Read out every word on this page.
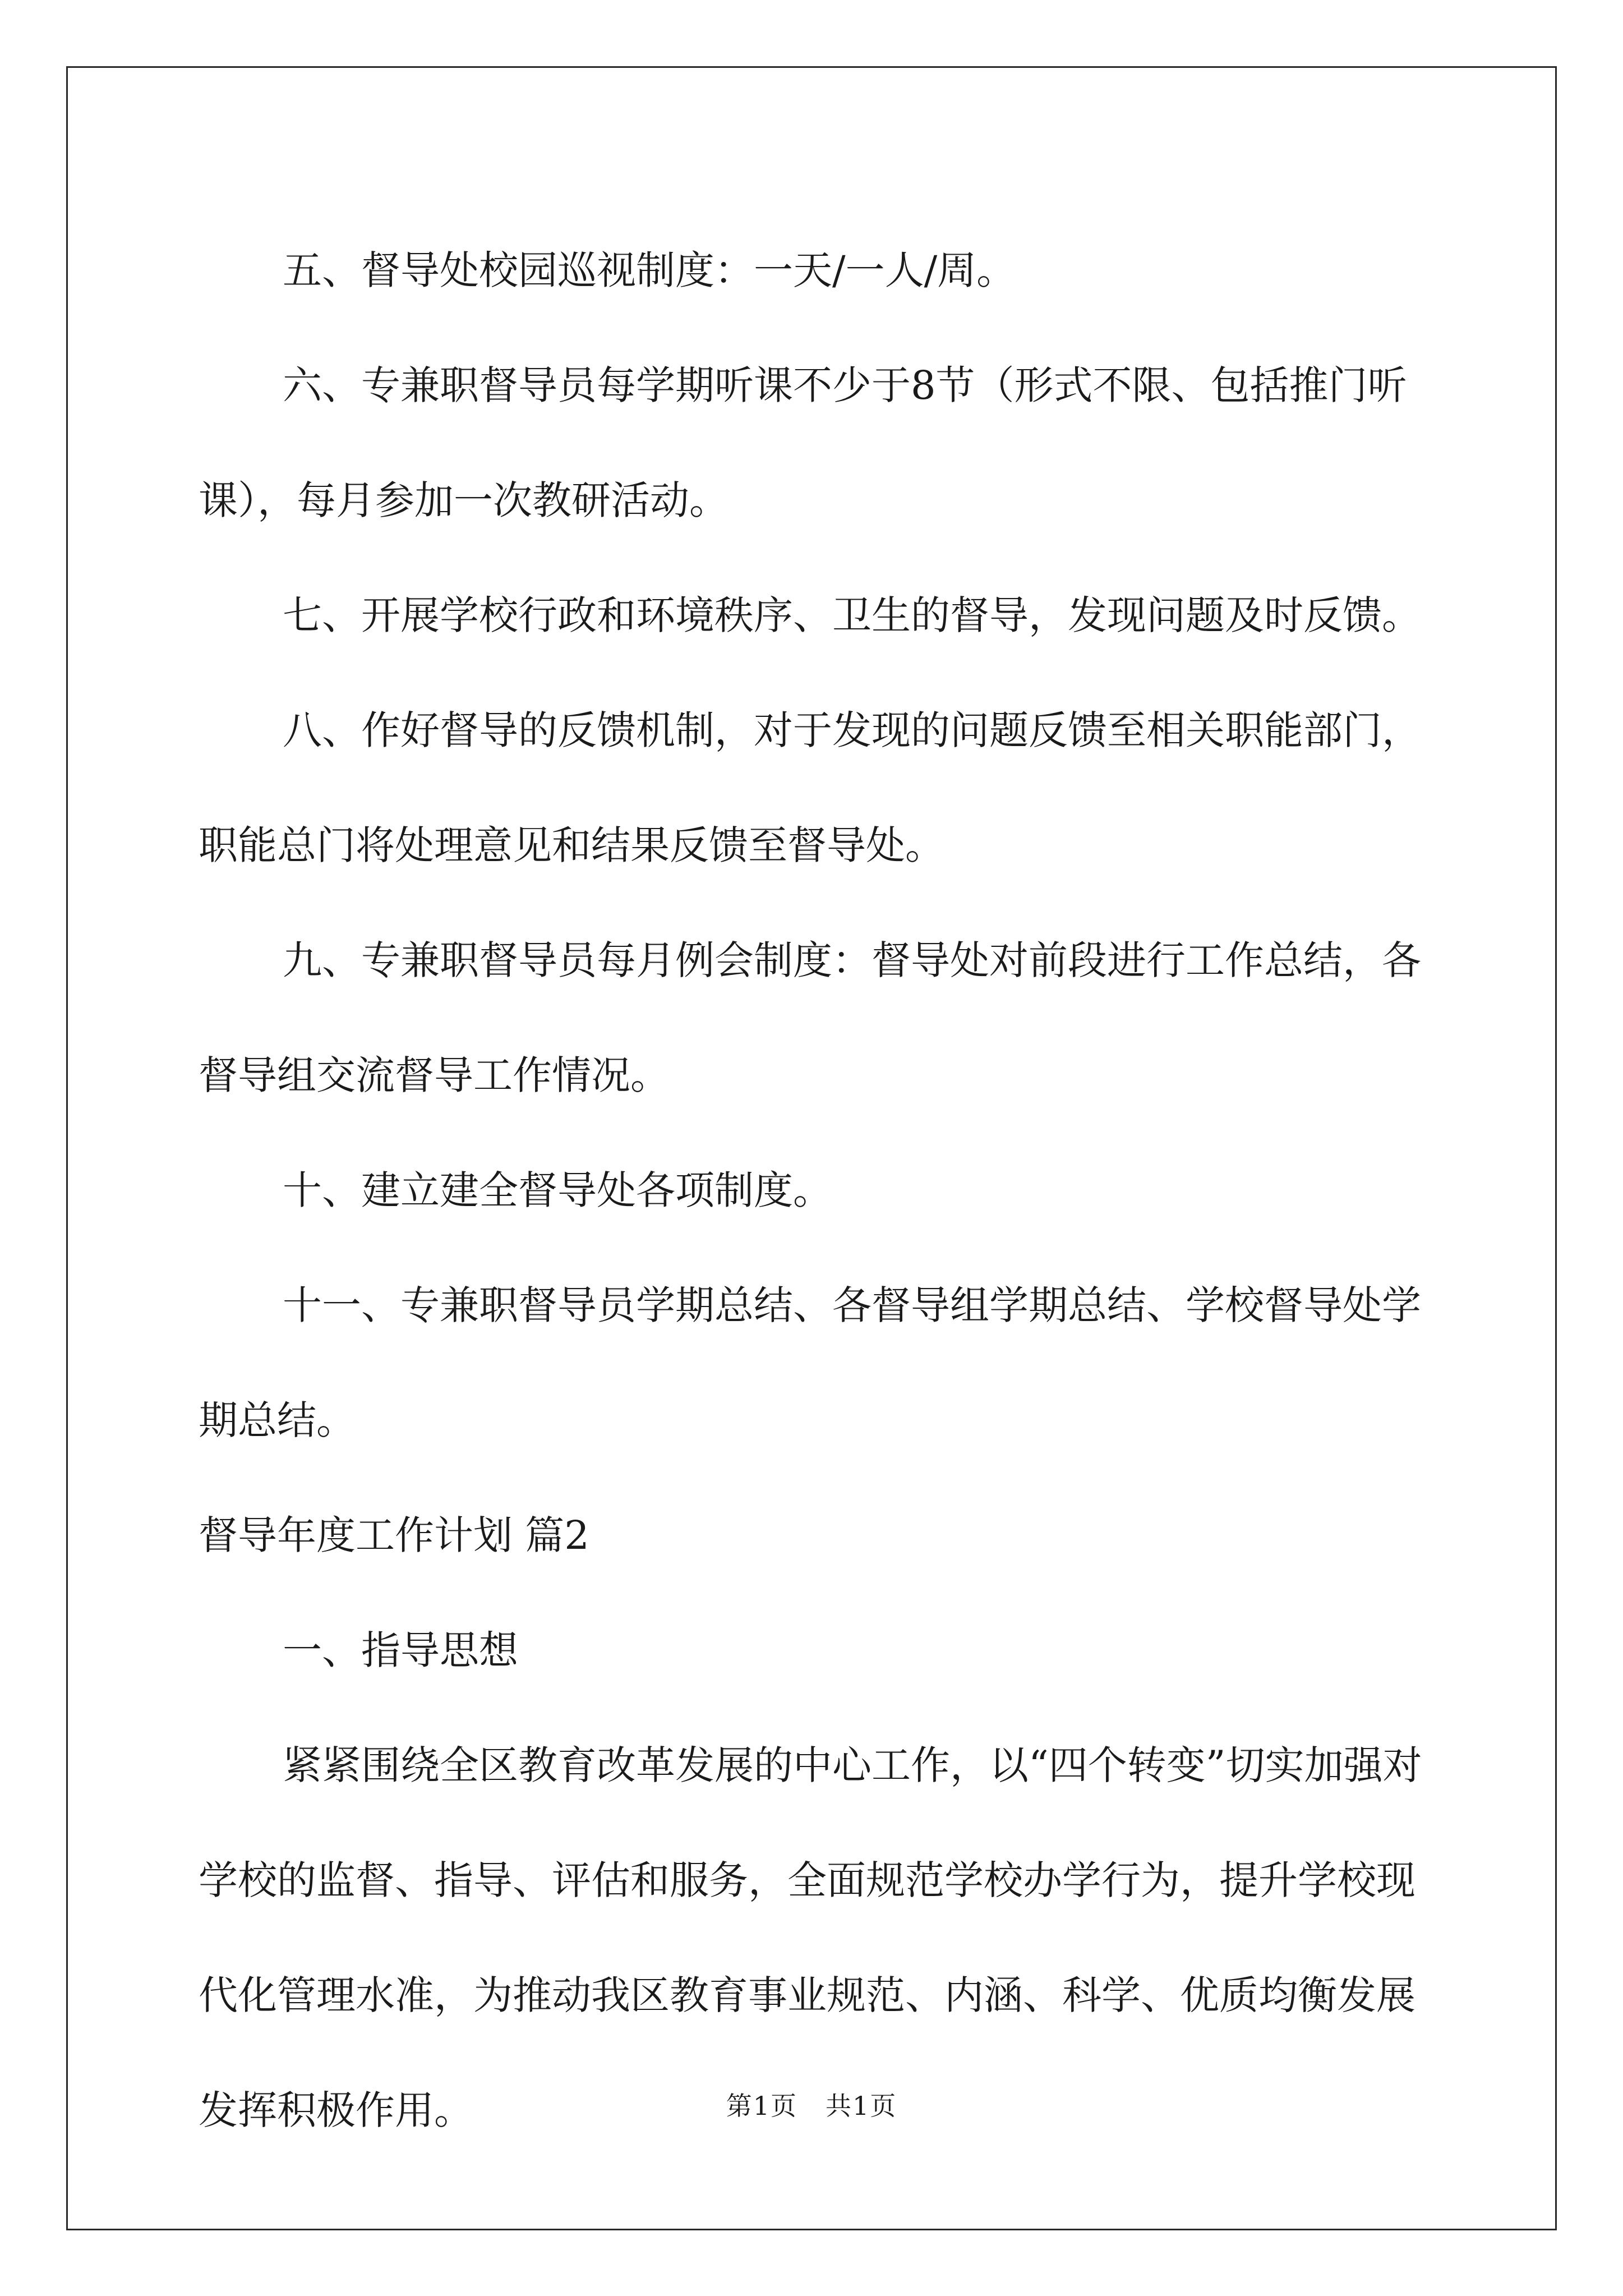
五、督导处校园巡视制度：一天/一人/周。

六、专兼职督导员每学期听课不少于8节（形式不限、包括推门听课），每月参加一次教研活动。

七、开展学校行政和环境秩序、卫生的督导，发现问题及时反馈。

八、作好督导的反馈机制，对于发现的问题反馈至相关职能部门，职能总门将处理意见和结果反馈至督导处。

九、专兼职督导员每月例会制度：督导处对前段进行工作总结，各督导组交流督导工作情况。

十、建立建全督导处各项制度。

十一、专兼职督导员学期总结、各督导组学期总结、学校督导处学期总结。

督导年度工作计划 篇2

一、指导思想

紧紧围绕全区教育改革发展的中心工作，以“四个转变”切实加强对学校的监督、指导、评估和服务，全面规范学校办学行为，提升学校现代化管理水准，为推动我区教育事业规范、内涵、科学、优质均衡发展发挥积极作用。	第1页 共1页
